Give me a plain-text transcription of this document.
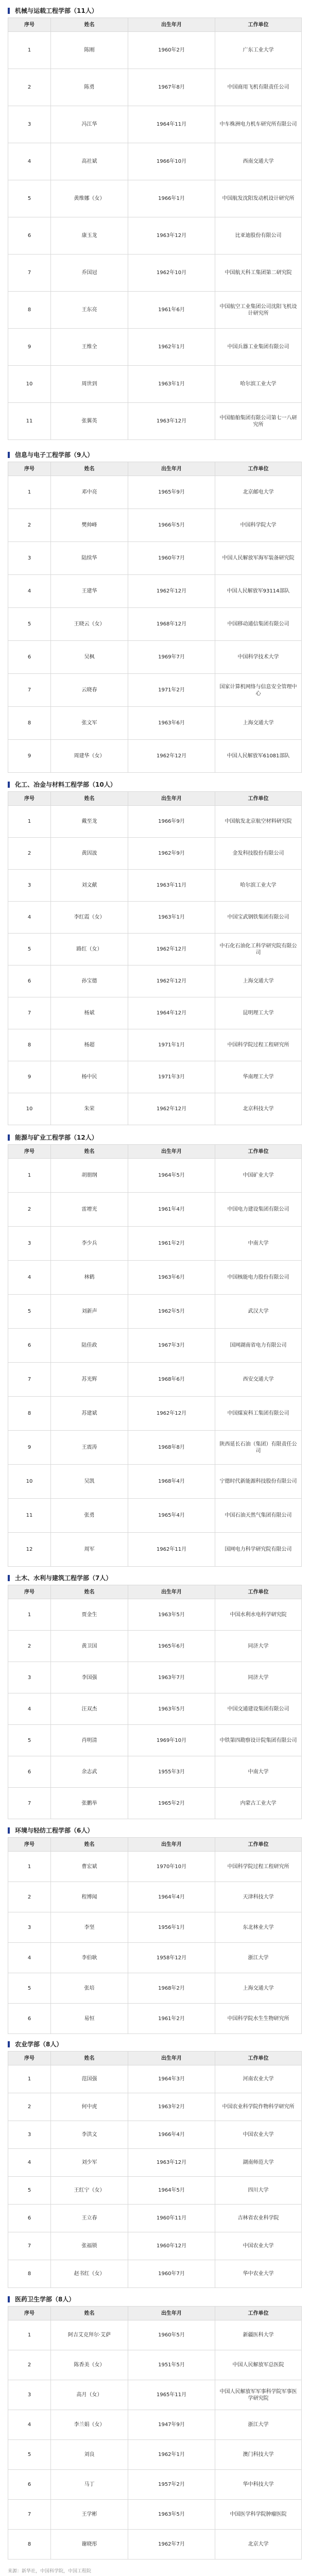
来源：新华社，中国科学院，中国工程院
机械与运载工程学部（11人）
序号	姓名	出生年月	工作单位
1	陈刚	1960年2月	广东工业大学
2	陈勇	1967年8月	中国商用飞机有限责任公司
3	冯江华	1964年11月	中车株洲电力机车研究所有限公司
4	高社斌	1966年10月	西南交通大学
5	黄维娜（女）	1966年1月	中国航发沈阳发动机设计研究所
6	康玉龙	1963年12月	比亚迪股份有限公司
7	乔国冠	1962年10月	中国航天科工集团第二研究院
8	王东亮	1961年6月	中国航空工业集团公司沈阳飞机设计研究所
9	王维全	1962年1月	中国兵器工业集团有限公司
10	周世到	1963年1月	哈尔滨工业大学
11	张翼英	1963年12月	中国船舶集团有限公司第七一八研究所
信息与电子工程学部（9人）
序号	姓名	出生年月	工作单位
1	邓中亮	1965年9月	北京邮电大学
2	樊帅峰	1966年5月	中国科学院大学
3	陆续华	1960年7月	中国人民解放军海军装备研究院
4	王建华	1962年12月	中国人民解放军93114部队
5	王晓云（女）	1968年12月	中国移动通信集团有限公司
6	吴枫	1969年7月	中国科学技术大学
7	云晓春	1971年2月	国家计算机网络与信息安全管理中心
8	张文军	1963年6月	上海交通大学
9	周建华（女）	1962年12月	中国人民解放军61081部队
化工、冶金与材料工程学部（10人）
序号	姓名	出生年月	工作单位
1	戴至龙	1966年9月	中国航发北京航空材料研究院
2	黄因波	1962年9月	金发科技股份有限公司
3	刘文献	1963年11月	哈尔滨工业大学
4	李红霞（女）	1963年1月	中国宝武钢铁集团有限公司
5	路红（女）	1962年12月	中石化石油化工科学研究院有限公司
6	孙宝德	1962年12月	上海交通大学
7	杨斌	1964年12月	昆明理工大学
8	杨超	1971年1月	中国科学院过程工程研究所
9	杨中民	1971年3月	华南理工大学
10	朱荣	1962年12月	北京科技大学
能源与矿业工程学部（12人）
序号	姓名	出生年月	工作单位
1	胡朋纲	1964年5月	中国矿业大学
2	雷增光	1961年4月	中国电力建设集团有限公司
3	李少兵	1961年2月	中南大学
4	林鹤	1963年6月	中国核能电力股份有限公司
5	刘新声	1962年5月	武汉大学
6	陆佳政	1967年3月	国网湖南省电力有限公司
7	苏光辉	1968年6月	西安交通大学
8	苏建斌	1962年12月	中国煤炭科工集团有限公司
9	王震涛	1968年8月	陕西延长石油（集团）有限责任公司
10	吴凯	1968年4月	宁德时代新能源科技股份有限公司
11	张勇	1965年4月	中国石油天然气集团有限公司
12	周军	1962年11月	国网电力科学研究院有限公司
土木、水利与建筑工程学部（7人）
序号	姓名	出生年月	工作单位
1	贾金生	1963年5月	中国水利水电科学研究院
2	黄卫国	1965年6月	同济大学
3	李国强	1963年7月	同济大学
4	汪双杰	1963年5月	中国交通建设集团有限公司
5	肖明清	1969年10月	中铁第四勘察设计院集团有限公司
6	余志武	1955年3月	中南大学
7	张鹏举	1965年2月	内蒙古工业大学
环境与轻纺工程学部（6人）
序号	姓名	出生年月	工作单位
1	曹宏斌	1970年10月	中国科学院过程工程研究所
2	程博闻	1964年4月	天津科技大学
3	李坚	1956年1月	东北林业大学
4	李伯耿	1958年12月	浙江大学
5	张培	1968年2月	上海交通大学
6	易恒	1961年2月	中国科学院水生生物研究所
农业学部（8人）
序号	姓名	出生年月	工作单位
1	范国强	1964年3月	河南农业大学
2	何中虎	1963年2月	中国农业科学院作物科学研究所
3	李洪文	1966年4月	中国农业大学
4	刘少军	1963年12月	湖南师范大学
5	王红宁（女）	1964年5月	四川大学
6	王立春	1960年11月	吉林省农业科学院
7	张福锁	1960年12月	中国农业大学
8	赵书红（女）	1960年7月	华中农业大学
医药卫生学部（8人）
序号	姓名	出生年月	工作单位
1	阿吉艾克拜尔·艾萨	1960年5月	新疆医科大学
2	陈香美（女）	1951年5月	中国人民解放军总医院
3	高月（女）	1965年11月	中国人民解放军军事科学院军事医学研究院
4	李兰娟（女）	1947年9月	浙江大学
5	刘良	1962年1月	澳门科技大学
6	马丁	1957年2月	华中科技大学
7	王学彬	1963年5月	中国医学科学院肿瘤医院
8	谢晓彤	1962年7月	北京大学
